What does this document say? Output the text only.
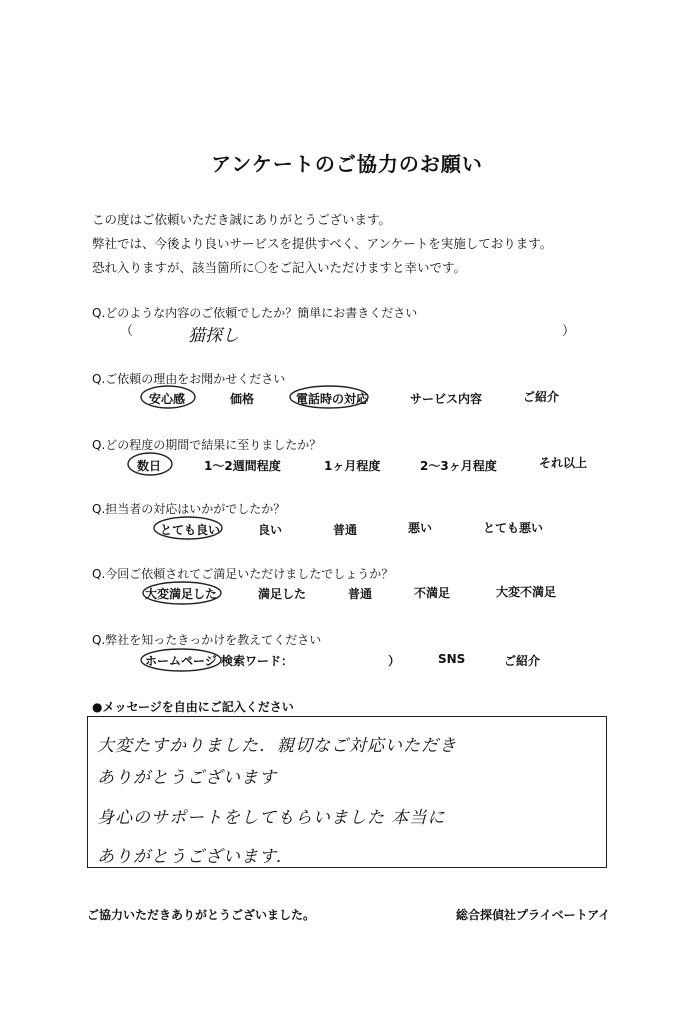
アンケートのご協力のお願い
この度はご依頼いただき誠にありがとうございます。
弊社では、今後より良いサービスを提供すべく、アンケートを実施しております。
恐れ入りますが、該当箇所に〇をご記入いただけますと幸いです。
Q.どのような内容のご依頼でしたか？簡単にお書きください
（	猫探し	）
Q.ご依頼の理由をお聞かせください
安心感	価格	電話時の対応	サービス内容	ご紹介
Q.どの程度の期間で結果に至りましたか？
数日	1～2週間程度	1ヶ月程度	2～3ヶ月程度	それ以上
Q.担当者の対応はいかがでしたか？
とても良い	良い	普通	悪い	とても悪い
Q.今回ご依頼されてご満足いただけましたでしょうか？
大変満足した	満足した	普通	不満足	大変不満足
Q.弊社を知ったきっかけを教えてください
ホームページ 検索ワード：	）	SNS	ご紹介
●メッセージを自由にご記入ください
大変たすかりました．親切なご対応いただき
ありがとうございます
身心のサポートをしてもらいました 本当に
ありがとうございます．
ご協力いただきありがとうございました。	総合探偵社プライベートアイ
